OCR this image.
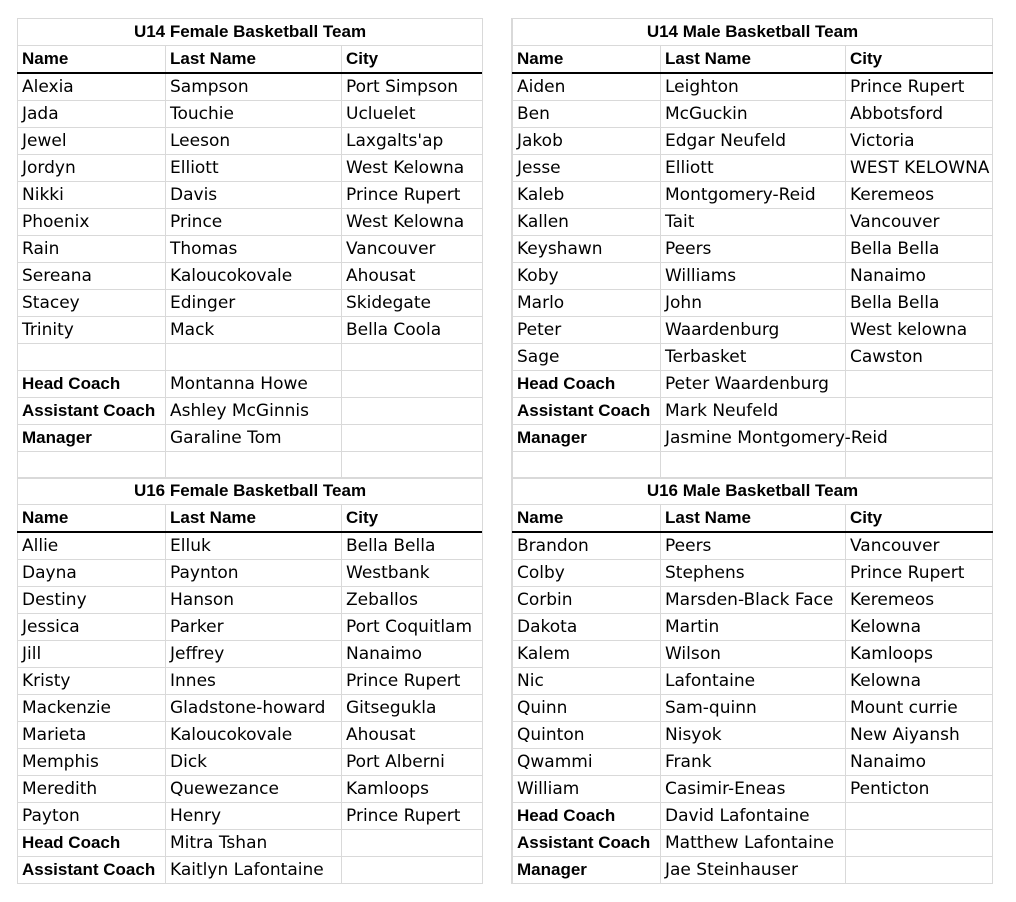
U14 Female Basketball Team		
Name	Last Name	City
Alexia	Sampson	Port Simpson
Jada	Touchie	Ucluelet
Jewel	Leeson	Laxgalts'ap
Jordyn	Elliott	West Kelowna
Nikki	Davis	Prince Rupert
Phoenix	Prince	West Kelowna
Rain	Thomas	Vancouver
Sereana	Kaloucokovale	Ahousat
Stacey	Edinger	Skidegate
Trinity	Mack	Bella Coola

Head Coach	Montanna Howe	
Assistant Coach	Ashley McGinnis	
Manager	Garaline Tom	

U16 Female Basketball Team		
Name	Last Name	City
Allie	Elluk	Bella Bella
Dayna	Paynton	Westbank
Destiny	Hanson	Zeballos
Jessica	Parker	Port Coquitlam
Jill	Jeffrey	Nanaimo
Kristy	Innes	Prince Rupert
Mackenzie	Gladstone-howard	Gitsegukla
Marieta	Kaloucokovale	Ahousat
Memphis	Dick	Port Alberni
Meredith	Quewezance	Kamloops
Payton	Henry	Prince Rupert
Head Coach	Mitra Tshan	
Assistant Coach	Kaitlyn Lafontaine	
U14 Male Basketball Team		
Name	Last Name	City
Aiden	Leighton	Prince Rupert
Ben	McGuckin	Abbotsford
Jakob	Edgar Neufeld	Victoria
Jesse	Elliott	WEST KELOWNA
Kaleb	Montgomery-Reid	Keremeos
Kallen	Tait	Vancouver
Keyshawn	Peers	Bella Bella
Koby	Williams	Nanaimo
Marlo	John	Bella Bella
Peter	Waardenburg	West kelowna
Sage	Terbasket	Cawston
Head Coach	Peter Waardenburg	
Assistant Coach	Mark Neufeld	
Manager	Jasmine Montgomery-Reid	

U16 Male Basketball Team		
Name	Last Name	City
Brandon	Peers	Vancouver
Colby	Stephens	Prince Rupert
Corbin	Marsden-Black Face	Keremeos
Dakota	Martin	Kelowna
Kalem	Wilson	Kamloops
Nic	Lafontaine	Kelowna
Quinn	Sam-quinn	Mount currie
Quinton	Nisyok	New Aiyansh
Qwammi	Frank	Nanaimo
William	Casimir-Eneas	Penticton
Head Coach	David Lafontaine	
Assistant Coach	Matthew Lafontaine	
Manager	Jae Steinhauser	
